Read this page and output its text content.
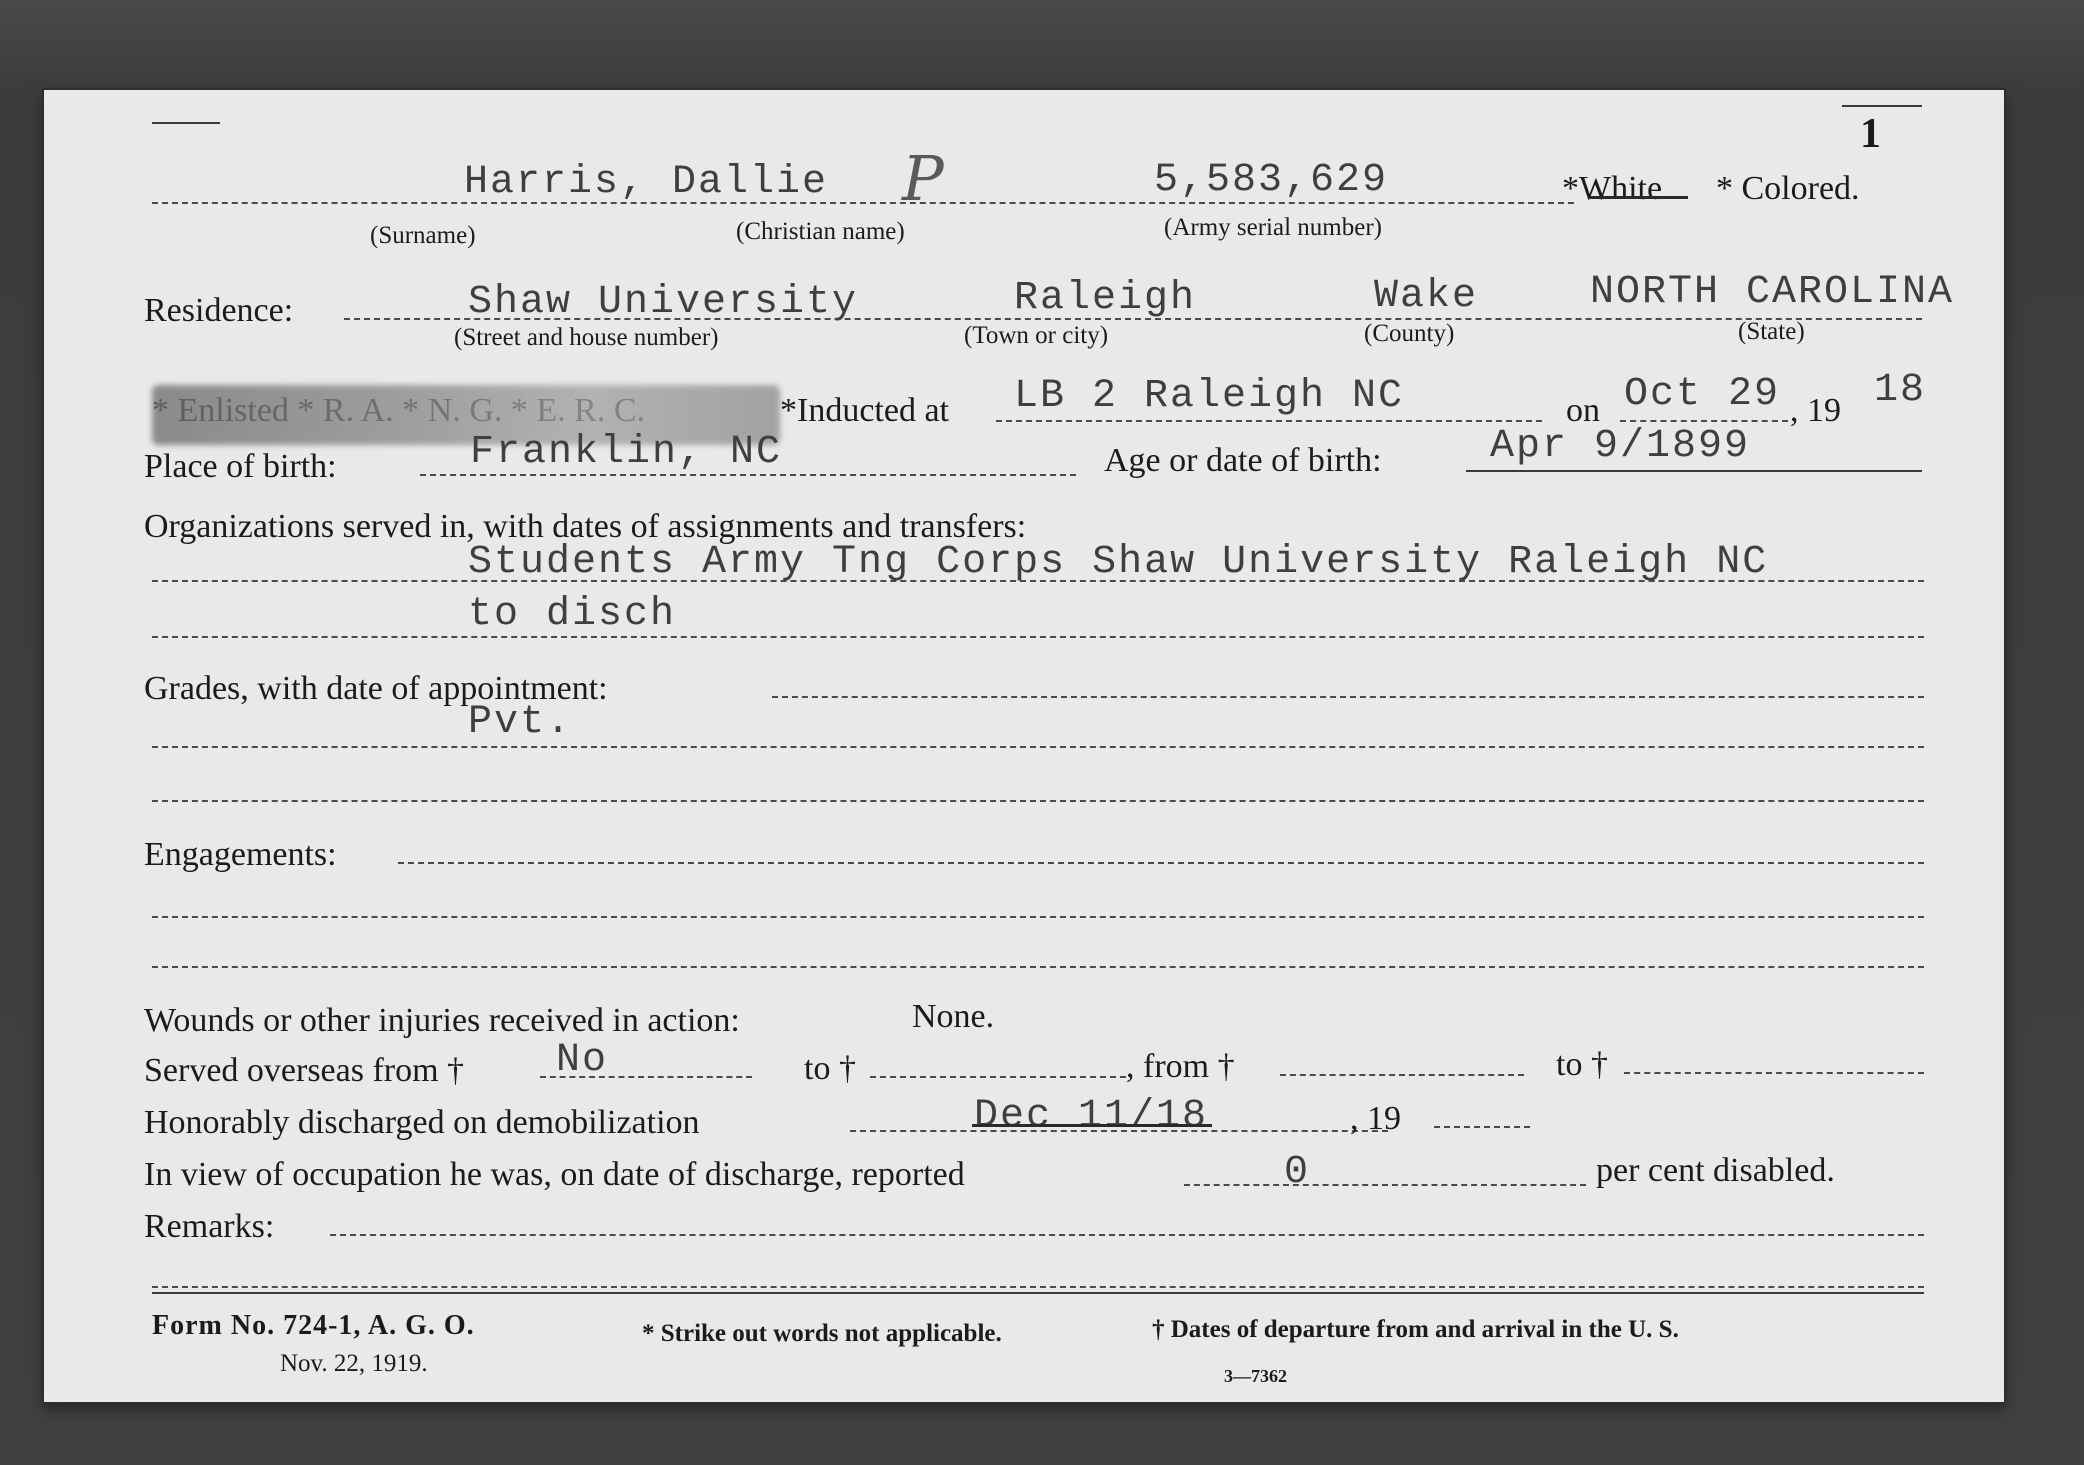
1
Harris, Dallie P	5,583,629	*White * Colored.
(Surname)	(Christian name)	(Army serial number)
Residence:	Shaw University	Raleigh	Wake	NORTH CAROLINA
(Street and house number)	(Town or city)	(County)	(State)
*Inducted at LB 2 Raleigh NC	on Oct 29 , 19 18
Place of birth:	Franklin, NC	Age or date of birth:	Apr 9/1899
Organizations served in, with dates of assignments and transfers:
Students Army Tng Corps Shaw University Raleigh NC
to disch
Grades, with date of appointment:
Pvt.
Engagements:
Wounds or other injuries received in action:	None.
Served overseas from † No	to †	, from †	to †
Honorably discharged on demobilization	Dec 11/18	, 19
In view of occupation he was, on date of discharge, reported	0	per cent disabled.
Remarks:
Form No. 724-1, A. G. O.
Nov. 22, 1919.
* Strike out words not applicable.	† Dates of departure from and arrival in the U. S.
3—7362
